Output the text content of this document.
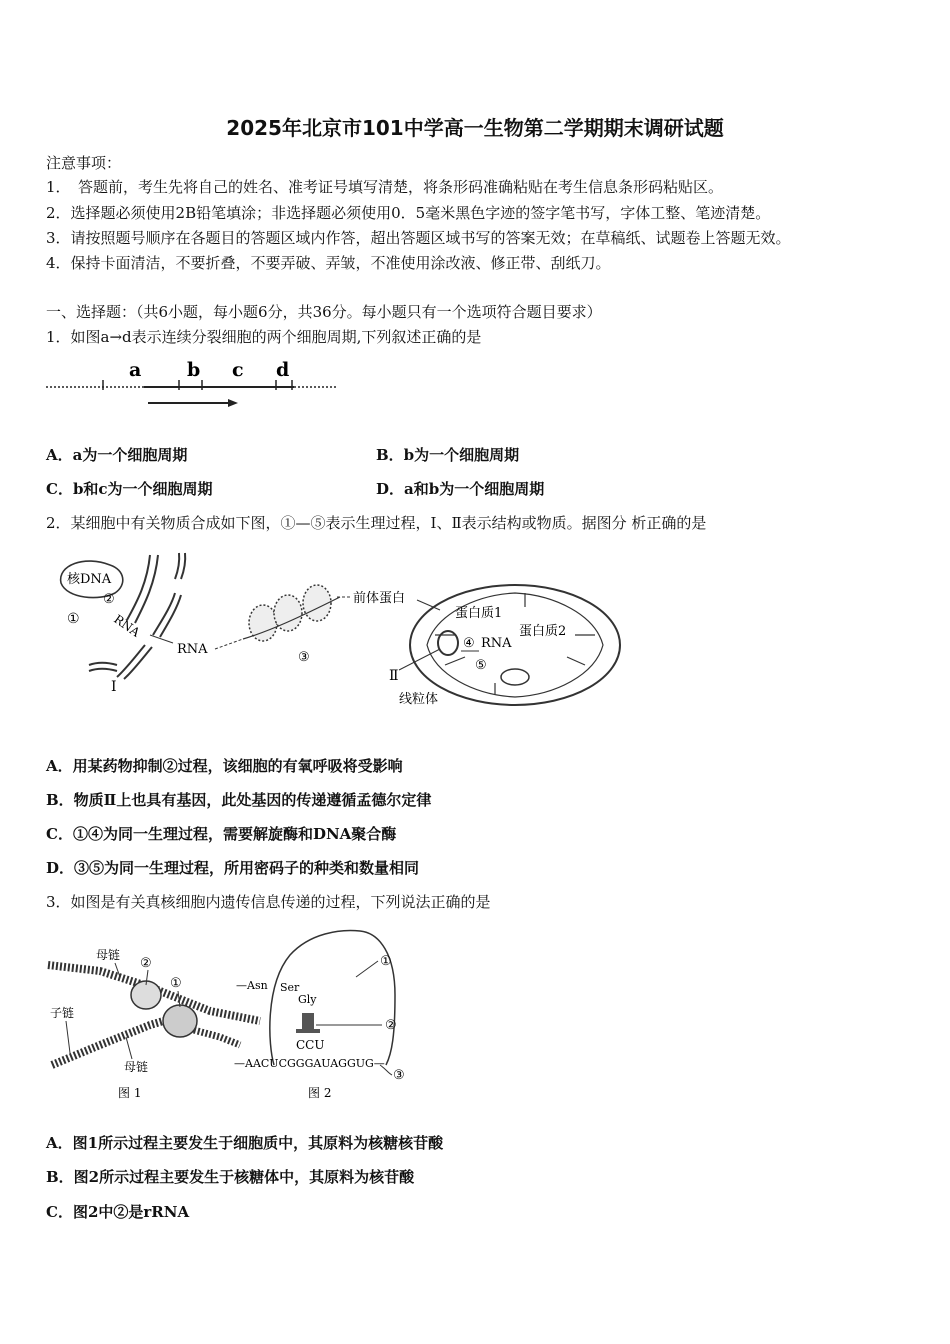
2025年北京市101中学高一生物第二学期期末调研试题
注意事项：
1．　答题前，考生先将自己的姓名、准考证号填写清楚，将条形码准确粘贴在考生信息条形码粘贴区。
2．选择题必须使用2B铅笔填涂；非选择题必须使用0．5毫米黑色字迹的签字笔书写，字体工整、笔迹清楚。
3．请按照题号顺序在各题目的答题区域内作答，超出答题区域书写的答案无效；在草稿纸、试题卷上答题无效。
4．保持卡面清洁，不要折叠，不要弄破、弄皱，不准使用涂改液、修正带、刮纸刀。
一、选择题：（共6小题，每小题6分，共36分。每小题只有一个选项符合题目要求）
1．如图a→d表示连续分裂细胞的两个细胞周期,下列叙述正确的是
a b c d
A．a为一个细胞周期	B．b为一个细胞周期
C．b和c为一个细胞周期	D．a和b为一个细胞周期
2．某细胞中有关物质合成如下图，①—⑤表示生理过程，Ⅰ、Ⅱ表示结构或物质。据图分 析正确的是
核DNA
①
②
RNA
RNA
Ⅰ
③
前体蛋白
蛋白质1
④ RNA
蛋白质2
⑤
Ⅱ
线粒体
A．用某药物抑制②过程，该细胞的有氧呼吸将受影响
B．物质Ⅱ上也具有基因，此处基因的传递遵循孟德尔定律
C．①④为同一生理过程，需要解旋酶和DNA聚合酶
D．③⑤为同一生理过程，所用密码子的种类和数量相同
3．如图是有关真核细胞内遗传信息传递的过程，下列说法正确的是
母链
②
①
子链
母链
图 1
—Asn Ser
Gly
①
②
CCU
—AACUCGGGAUAGGUG—
③
图 2
A．图1所示过程主要发生于细胞质中，其原料为核糖核苷酸
B．图2所示过程主要发生于核糖体中，其原料为核苷酸
C．图2中②是rRNA
